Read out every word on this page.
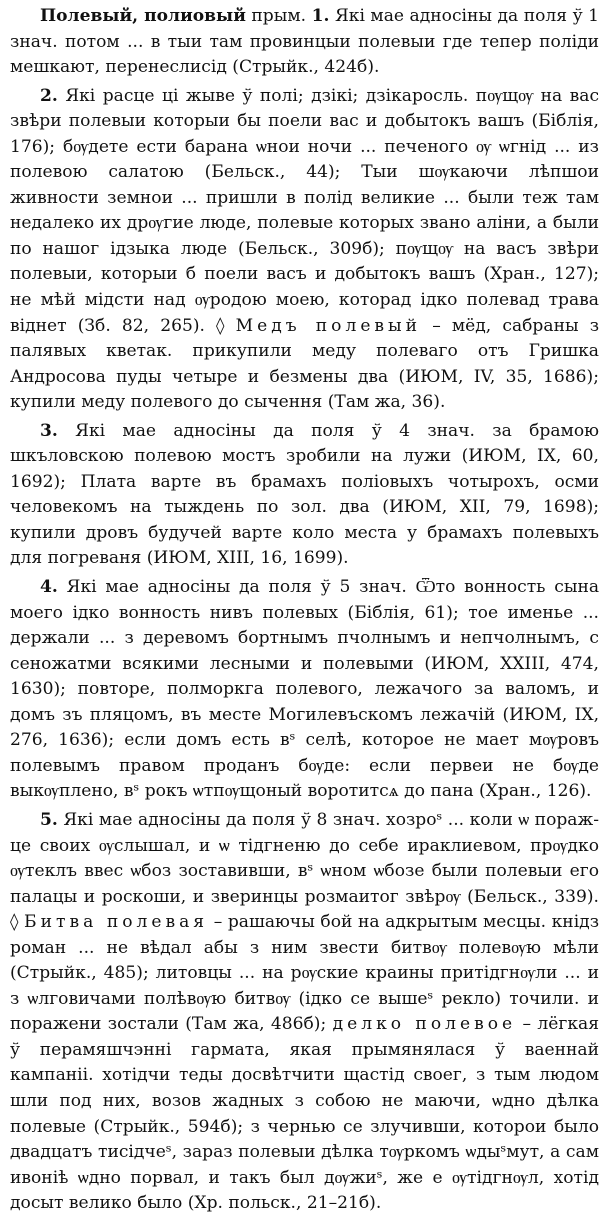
Полевый, полиовый прым. 1. Які мае адносіны да поля ў 1 знач. потом ... в тыи там провинцыи полевыи где тепер поліди мешкают, перенеслисід (Стрыйк., 424б).

2. Які расце ці жыве ў полі; дзікі; дзікаросль. пѹщѹ на вас звѣри полевыи которыи бы поели вас и добытокъ вашъ (Біблія, 176); бѹдете ести барана ѡнои ночи ... печеного ѹ ѡгнід ... из полевою салатою (Бельск., 44); Тыи шѹкаючи лѣпшои живности земнои ... пришли в полід великие ... были теж там недалеко их дрѹгие люде, полевые которых звано аліни, а были по нашог ідзыка люде (Бельск., 309б); пѹщѹ на васъ звѣри полевыи, которыи б поели васъ и добытокъ вашъ (Хран., 127); не мѣй мідсти над ѹродою моею, которад ідко полевад трава віднет (Зб. 82, 265). ◊ Медъ полевый – мёд, сабраны з палявых кветак. прикупили меду полеваго отъ Гришка Андросова пуды четыре и безмены два (ИЮМ, IV, 35, 1686); купили меду полевого до сычення (Там жа, 36).

3. Які мае адносіны да поля ў 4 знач. за брамою шкъловскою полевою мостъ зробили на лужи (ИЮМ, IX, 60, 1692); Плата варте въ брамахъ поліовыхъ чотырохъ, осми человекомъ на тыждень по зол. два (ИЮМ, XII, 79, 1698); купили дровъ будучей варте коло места у брамахъ полевыхъ для погреваня (ИЮМ, XIII, 16, 1699).

4. Які мае адносіны да поля ў 5 знач. Ѿто вонность сына моего ідко вонность нивъ полевых (Біблія, 61); тое именье ... держали ... з деревомъ бортнымъ пчолнымъ и непчолнымъ, с сеножатми всякими лесными и полевыми (ИЮМ, XXIII, 474, 1630); повторе, полморкга полевого, лежачого за валомъ, и домъ зъ пляцомъ, въ месте Могилевъскомъ лежачій (ИЮМ, IX, 276, 1636); если домъ есть вˢ селѣ, которое не мает мѹровъ полевымъ правом проданъ бѹде: если первеи не бѹде выкѹплено, вˢ рокъ ѡтпѹщоный воротитсѧ до пана (Хран., 126).

5. Які мае адносіны да поля ў 8 знач. хозроˢ ... коли ѡ поражце своих ѹслышал, и ѡ тідгненю до себе ираклиевом, прѹдко ѹтеклъ ввес ѡбоз зоставивши, вˢ ѡном ѡбозе были полевыи его палацы и роскоши, и зверинцы розмаитог звѣрѹ (Бельск., 339). ◊ Битва полевая – рашаючы бой на адкрытым месцы. кнідз роман ... не вѣдал абы з ним звести битвѹ полевѹю мѣли (Стрыйк., 485); литовцы ... на рѹские краины притідгнѹли ... и з ѡлговичами полѣвѹю битвѹ (ідко се вышеˢ рекло) точили. и поражени зостали (Там жа, 486б); делко полевое – лёгкая ў перамяшчэнні гармата, якая прымянялася ў ваеннай кампаніі. хотідчи теды досвѣтчити щастід своег, з тым людом шли под них, возов жадных з собою не маючи, ѡдно дѣлка полевые (Стрыйк., 594б); з чернью се злучивши, которои было двадцатъ тисідчеˢ, зараз полевыи дѣлка тѹркомъ ѡдыˢмут, а сам ивоніѣ ѡдно порвал, и такъ был дѹжиˢ, же е ѹтідгнѹл, хотід досыт велико было (Хр. польск., 21–21б).
